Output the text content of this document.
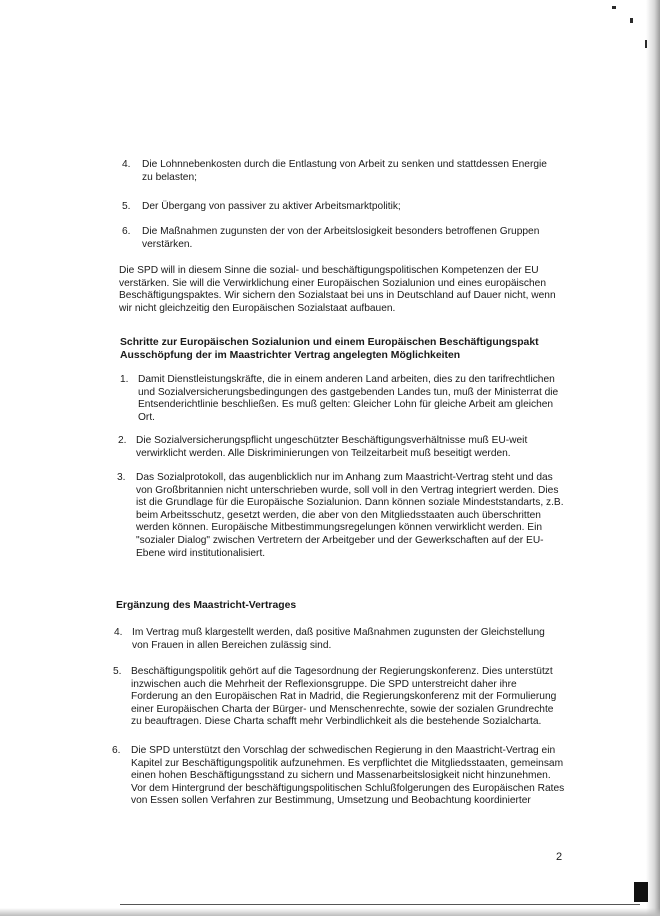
4. Die Lohnnebenkosten durch die Entlastung von Arbeit zu senken und stattdessen Energie zu belasten;
5. Der Übergang von passiver zu aktiver Arbeitsmarktpolitik;
6. Die Maßnahmen zugunsten der von der Arbeitslosigkeit besonders betroffenen Gruppen verstärken.
Die SPD will in diesem Sinne die sozial- und beschäftigungspolitischen Kompetenzen der EU verstärken. Sie will die Verwirklichung einer Europäischen Sozialunion und eines europäischen Beschäftigungspaktes. Wir sichern den Sozialstaat bei uns in Deutschland auf Dauer nicht, wenn wir nicht gleichzeitig den Europäischen Sozialstaat aufbauen.
Schritte zur Europäischen Sozialunion und einem Europäischen Beschäftigungspakt Ausschöpfung der im Maastrichter Vertrag angelegten Möglichkeiten
1. Damit Dienstleistungskräfte, die in einem anderen Land arbeiten, dies zu den tarifrechtlichen und Sozialversicherungsbedingungen des gastgebenden Landes tun, muß der Ministerrat die Entsenderichtlinie beschließen. Es muß gelten: Gleicher Lohn für gleiche Arbeit am gleichen Ort.
2. Die Sozialversicherungspflicht ungeschützter Beschäftigungsverhältnisse muß EU-weit verwirklicht werden. Alle Diskriminierungen von Teilzeitarbeit muß beseitigt werden.
3. Das Sozialprotokoll, das augenblicklich nur im Anhang zum Maastricht-Vertrag steht und das von Großbritannien nicht unterschrieben wurde, soll voll in den Vertrag integriert werden. Dies ist die Grundlage für die Europäische Sozialunion. Dann können soziale Mindeststandarts, z.B. beim Arbeitsschutz, gesetzt werden, die aber von den Mitgliedsstaaten auch überschritten werden können. Europäische Mitbestimmungsregelungen können verwirklicht werden. Ein "sozialer Dialog" zwischen Vertretern der Arbeitgeber und der Gewerkschaften auf der EU-Ebene wird institutionalisiert.
Ergänzung des Maastricht-Vertrages
4. Im Vertrag muß klargestellt werden, daß positive Maßnahmen zugunsten der Gleichstellung von Frauen in allen Bereichen zulässig sind.
5. Beschäftigungspolitik gehört auf die Tagesordnung der Regierungskonferenz. Dies unterstützt inzwischen auch die Mehrheit der Reflexionsgruppe. Die SPD unterstreicht daher ihre Forderung an den Europäischen Rat in Madrid, die Regierungskonferenz mit der Formulierung einer Europäischen Charta der Bürger- und Menschenrechte, sowie der sozialen Grundrechte zu beauftragen. Diese Charta schafft mehr Verbindlichkeit als die bestehende Sozialcharta.
6. Die SPD unterstützt den Vorschlag der schwedischen Regierung in den Maastricht-Vertrag ein Kapitel zur Beschäftigungspolitik aufzunehmen. Es verpflichtet die Mitgliedsstaaten, gemeinsam einen hohen Beschäftigungsstand zu sichern und Massenarbeitslosigkeit nicht hinzunehmen. Vor dem Hintergrund der beschäftigungspolitischen Schlußfolgerungen des Europäischen Rates von Essen sollen Verfahren zur Bestimmung, Umsetzung und Beobachtung koordinierter
2
